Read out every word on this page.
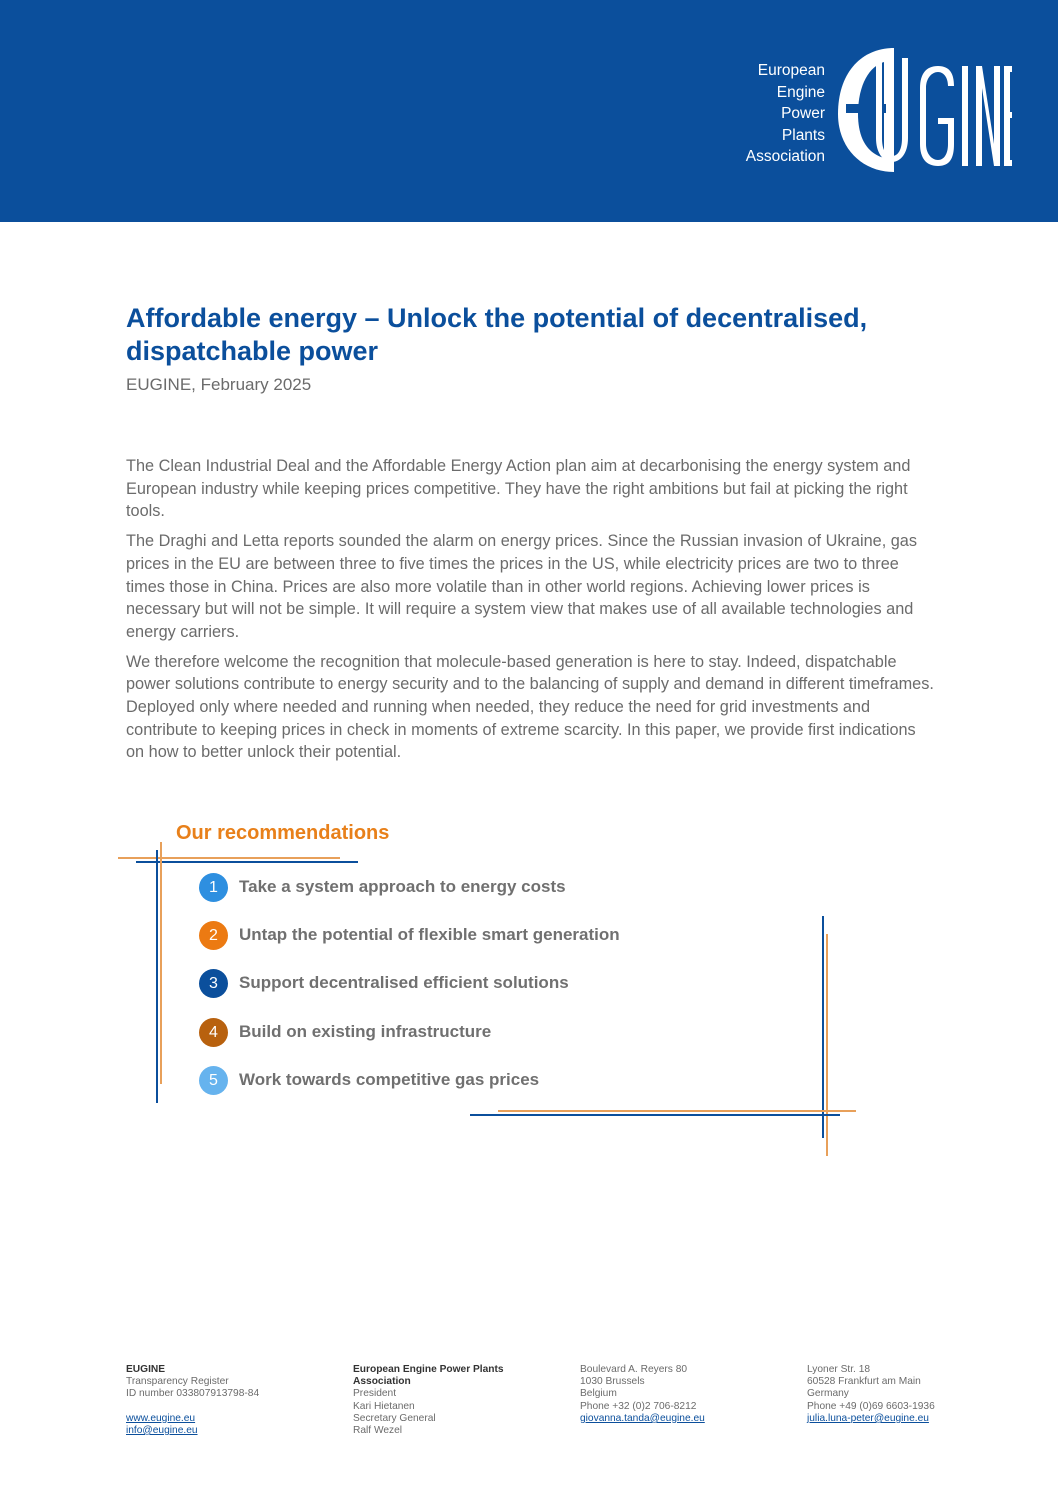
European
Engine
Power
Plants
Association
Affordable energy – Unlock the potential of decentralised, dispatchable power
EUGINE, February 2025

The Clean Industrial Deal and the Affordable Energy Action plan aim at decarbonising the energy system and European industry while keeping prices competitive. They have the right ambitions but fail at picking the right tools.

The Draghi and Letta reports sounded the alarm on energy prices. Since the Russian invasion of Ukraine, gas prices in the EU are between three to five times the prices in the US, while electricity prices are two to three times those in China. Prices are also more volatile than in other world regions. Achieving lower prices is necessary but will not be simple. It will require a system view that makes use of all available technologies and energy carriers.

We therefore welcome the recognition that molecule-based generation is here to stay. Indeed, dispatchable power solutions contribute to energy security and to the balancing of supply and demand in different timeframes. Deployed only where needed and running when needed, they reduce the need for grid investments and contribute to keeping prices in check in moments of extreme scarcity. In this paper, we provide first indications on how to better unlock their potential.

Our recommendations
1	Take a system approach to energy costs
2	Untap the potential of flexible smart generation
3	Support decentralised efficient solutions
4	Build on existing infrastructure
5	Work towards competitive gas prices
EUGINE
Transparency Register
ID number 033807913798-84
www.eugine.eu
info@eugine.eu
European Engine Power Plants
Association
President
Kari Hietanen
Secretary General
Ralf Wezel
Boulevard A. Reyers 80
1030 Brussels
Belgium
Phone +32 (0)2 706-8212
giovanna.tanda@eugine.eu
Lyoner Str. 18
60528 Frankfurt am Main
Germany
Phone +49 (0)69 6603-1936
julia.luna-peter@eugine.eu
